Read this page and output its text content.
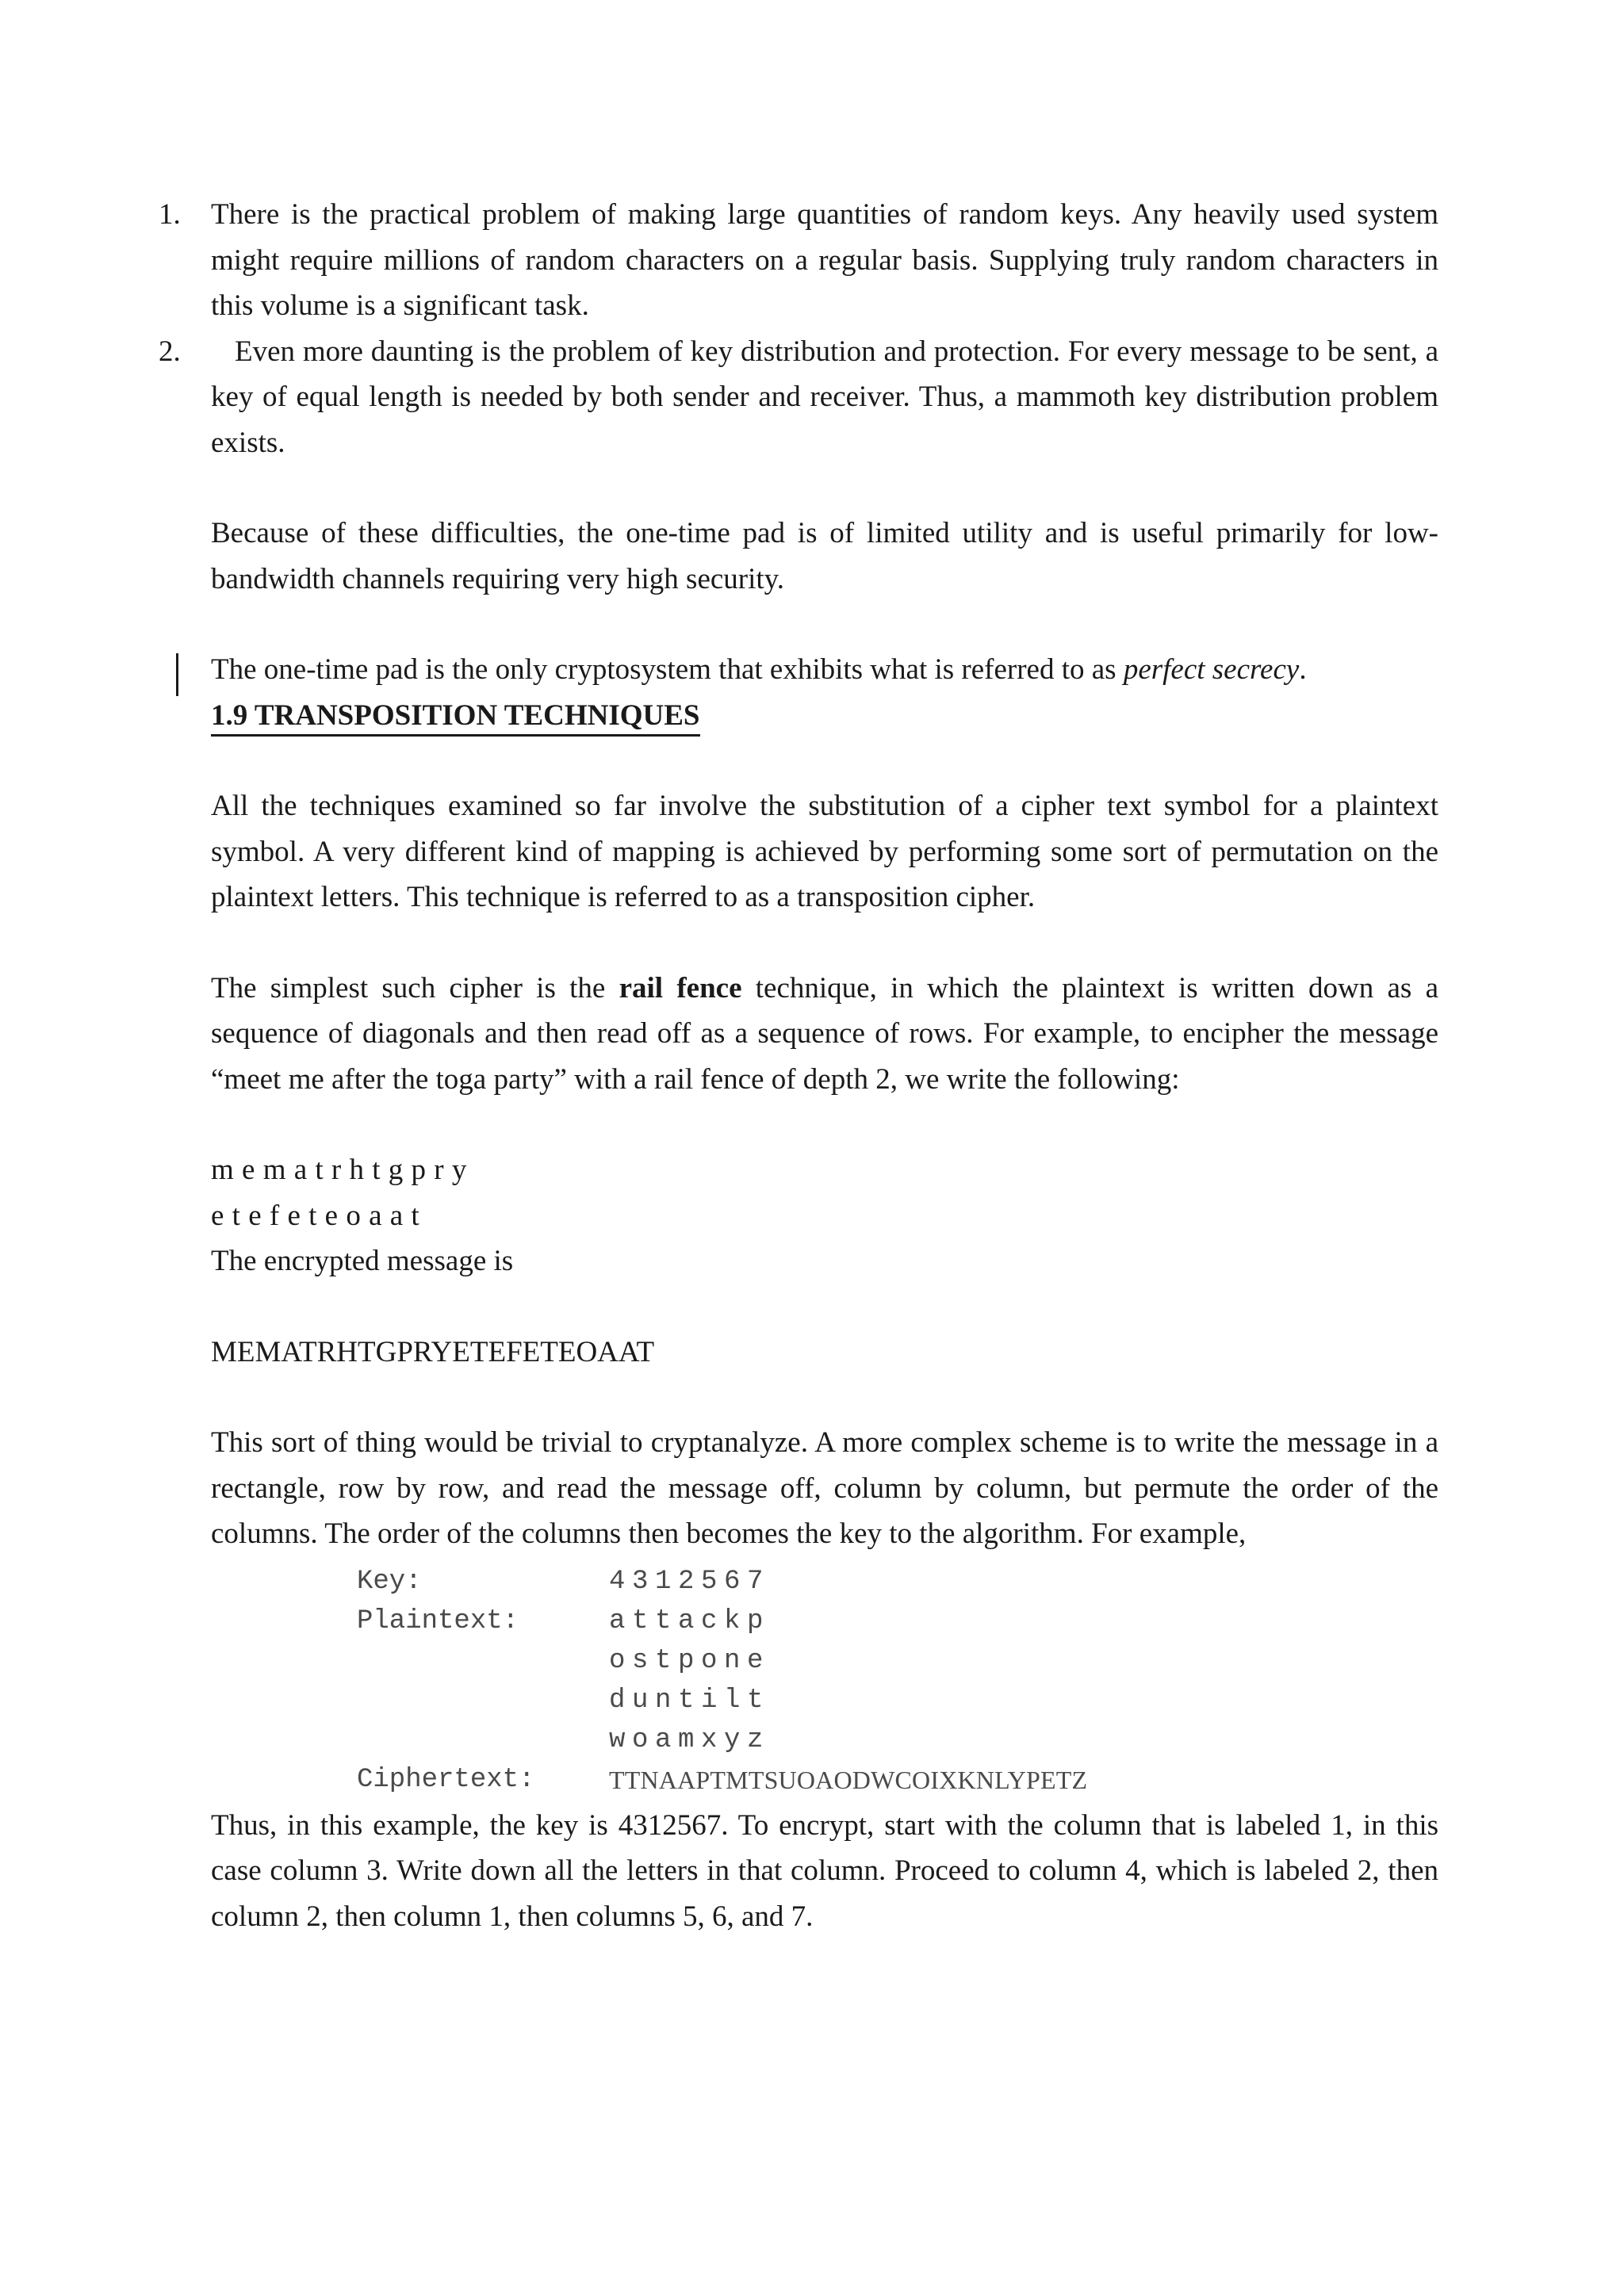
1. There is the practical problem of making large quantities of random keys. Any heavily used system might require millions of random characters on a regular basis. Supplying truly random characters in this volume is a significant task.
2. Even more daunting is the problem of key distribution and protection. For every message to be sent, a key of equal length is needed by both sender and receiver. Thus, a mammoth key distribution problem exists.
Because of these difficulties, the one-time pad is of limited utility and is useful primarily for low-bandwidth channels requiring very high security.
The one-time pad is the only cryptosystem that exhibits what is referred to as perfect secrecy.
1.9 TRANSPOSITION TECHNIQUES
All the techniques examined so far involve the substitution of a cipher text symbol for a plaintext symbol. A very different kind of mapping is achieved by performing some sort of permutation on the plaintext letters. This technique is referred to as a transposition cipher.
The simplest such cipher is the rail fence technique, in which the plaintext is written down as a sequence of diagonals and then read off as a sequence of rows. For example, to encipher the message “meet me after the toga party” with a rail fence of depth 2, we write the following:
m e m a t r h t g p r y
e t e f e t e o a a t
The encrypted message is
MEMATRHTGPRYETEFETEOAAT
This sort of thing would be trivial to cryptanalyze. A more complex scheme is to write the message in a rectangle, row by row, and read the message off, column by column, but permute the order of the columns. The order of the columns then becomes the key to the algorithm. For example,
Key:	4 3 1 2 5 6 7
Plaintext:	a t t a c k p
o s t p o n e
d u n t i l t
w o a m x y z
Ciphertext:	TTNAAPTMTSUOAODWCOIXKNLYPETZ
Thus, in this example, the key is 4312567. To encrypt, start with the column that is labeled 1, in this case column 3. Write down all the letters in that column. Proceed to column 4, which is labeled 2, then column 2, then column 1, then columns 5, 6, and 7.
